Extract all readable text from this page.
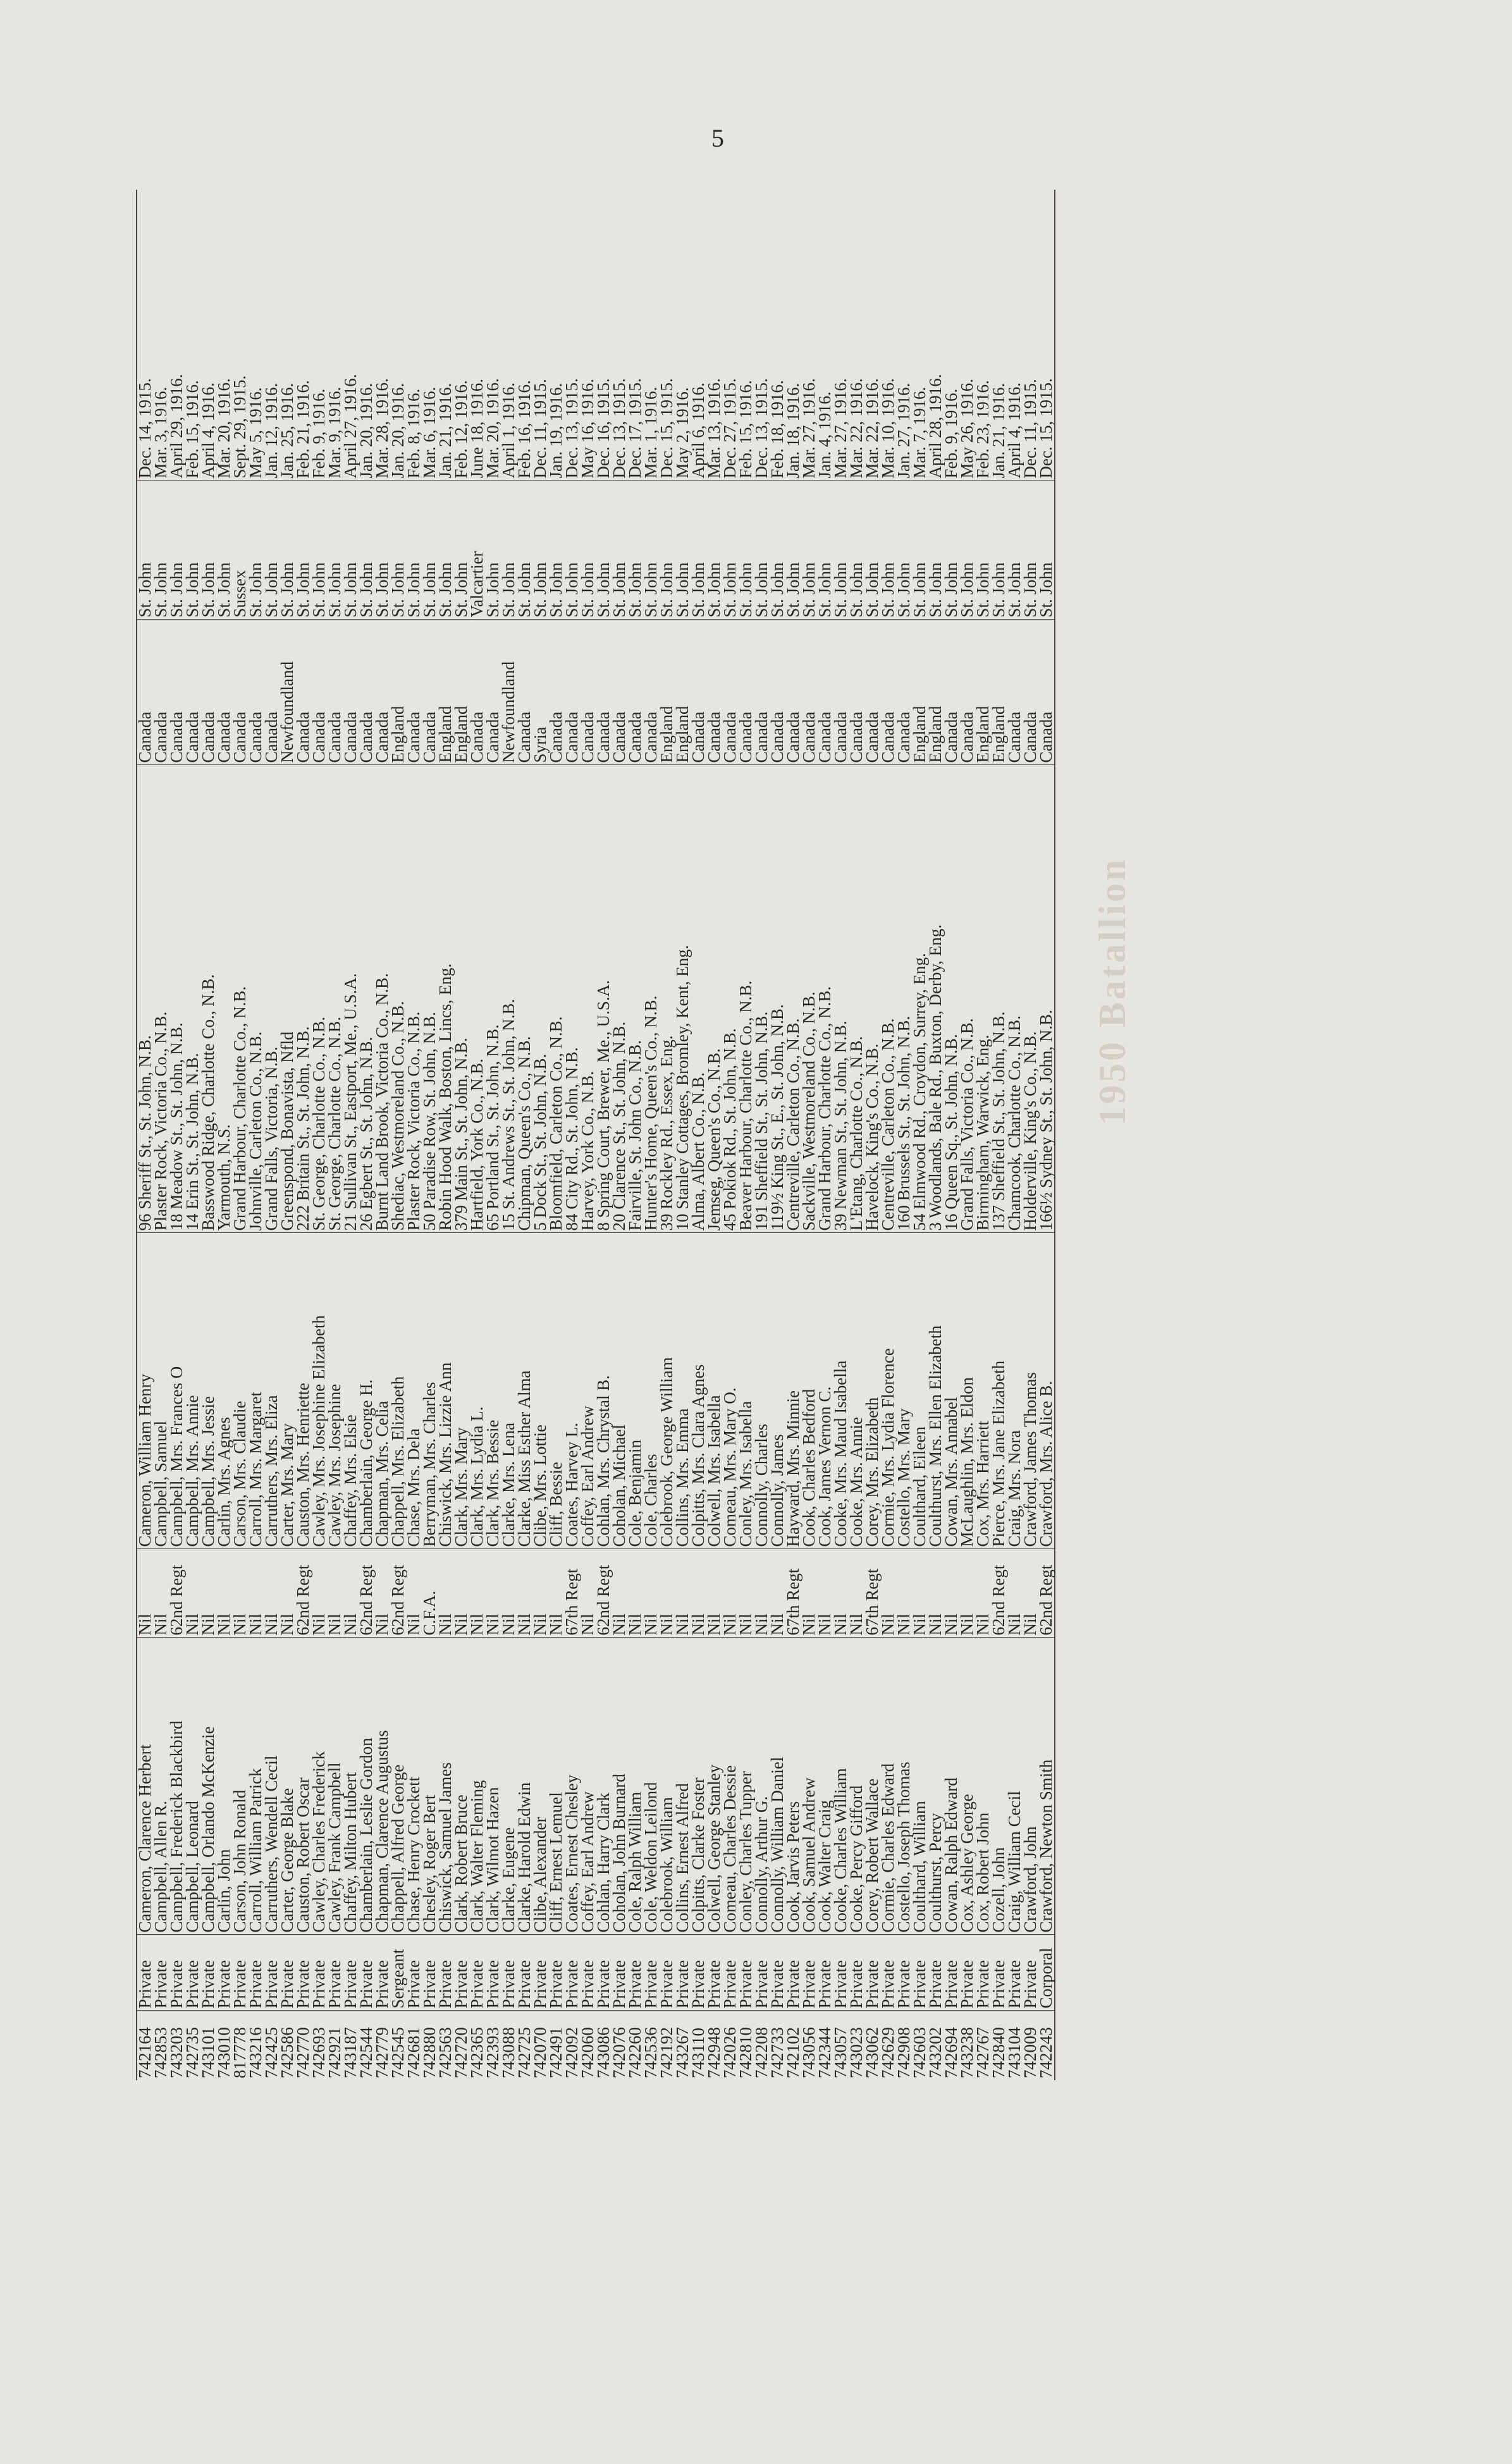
5
742164	Private	Cameron, Clarence Herbert	Nil	Cameron, William Henry	96 Sheriff St., St. John, N.B.	Canada	St. John	Dec. 14, 1915.
742853	Private	Campbell, Allen R.	Nil	Campbell, Samuel	Plaster Rock, Victoria Co., N.B.	Canada	St. John	Mar. 3, 1916.
743203	Private	Campbell, Frederick Blackbird	62nd Regt	Campbell, Mrs. Frances O	18 Meadow St., St. John, N.B.	Canada	St. John	April 29, 1916.
742735	Private	Campbell, Leonard	Nil	Campbell, Mrs. Annie	14 Erin St., St. John, N.B.	Canada	St. John	Feb. 15, 1916.
743101	Private	Campbell, Orlando McKenzie	Nil	Campbell, Mrs. Jessie	Basswood Ridge, Charlotte Co., N.B.	Canada	St. John	April 4, 1916.
743010	Private	Carlin, John	Nil	Carlin, Mrs. Agnes	Yarmouth, N.S.	Canada	St. John	Mar. 20, 1916.
817778	Private	Carson, John Ronald	Nil	Carson, Mrs. Claudie	Grand Harbour, Charlotte Co., N.B.	Canada	Sussex	Sept. 29, 1915.
743216	Private	Carroll, William Patrick	Nil	Carroll, Mrs. Margaret	Johnville, Carleton Co., N.B.	Canada	St. John	May 5, 1916.
742425	Private	Carruthers, Wendell Cecil	Nil	Carruthers, Mrs. Eliza	Grand Falls, Victoria, N.B.	Canada	St. John	Jan. 12, 1916.
742586	Private	Carter, George Blake	Nil	Carter, Mrs. Mary	Greenspond, Bonavista, Nfld	Newfoundland	St. John	Jan. 25, 1916.
742770	Private	Causton, Robert Oscar	62nd Regt	Causton, Mrs. Henriette	222 Britain St., St. John, N.B.	Canada	St. John	Feb. 21, 1916.
742693	Private	Cawley, Charles Frederick	Nil	Cawley, Mrs. Josephine Elizabeth	St. George, Charlotte Co., N.B.	Canada	St. John	Feb. 9, 1916.
742921	Private	Cawley, Frank Campbell	Nil	Cawley, Mrs. Josephine	St. George, Charlotte Co., N.B.	Canada	St. John	Mar. 9, 1916.
743187	Private	Chaffey, Milton Hubert	Nil	Chaffey, Mrs. Elsie	21 Sullivan St., Eastport, Me., U.S.A.	Canada	St. John	April 27, 1916.
742544	Private	Chamberlain, Leslie Gordon	62nd Regt	Chamberlain, George H.	26 Egbert St., St. John, N.B.	Canada	St. John	Jan. 20, 1916.
742779	Private	Chapman, Clarence Augustus	Nil	Chapman, Mrs. Celia	Burnt Land Brook, Victoria Co., N.B.	Canada	St. John	Mar. 28, 1916.
742545	Sergeant	Chappell, Alfred George	62nd Regt	Chappell, Mrs. Elizabeth	Shediac, Westmoreland Co., N.B.	England	St. John	Jan. 20, 1916.
742681	Private	Chase, Henry Crockett	Nil	Chase, Mrs. Dela	Plaster Rock, Victoria Co., N.B.	Canada	St. John	Feb. 8, 1916.
742880	Private	Chesley, Roger Bert	C.F.A.	Berryman, Mrs. Charles	50 Paradise Row, St. John, N.B.	Canada	St. John	Mar. 6, 1916.
742563	Private	Chiswick, Samuel James	Nil	Chiswick, Mrs. Lizzie Ann	Robin Hood Walk, Boston, Lincs, Eng.	England	St. John	Jan. 21, 1916.
742720	Private	Clark, Robert Bruce	Nil	Clark, Mrs. Mary	379 Main St., St. John, N.B.	England	St. John	Feb. 12, 1916.
742365	Private	Clark, Walter Fleming	Nil	Clark, Mrs. Lydia L.	Hartfield, York Co., N.B.	Canada	Valcartier	June 18, 1916.
742393	Private	Clark, Wilmot Hazen	Nil	Clark, Mrs. Bessie	65 Portland St., St. John, N.B.	Canada	St. John	Mar. 20, 1916.
743088	Private	Clarke, Eugene	Nil	Clarke, Mrs. Lena	15 St. Andrews St., St. John, N.B.	Newfoundland	St. John	April 1, 1916.
742725	Private	Clarke, Harold Edwin	Nil	Clarke, Miss Esther Alma	Chipman, Queen's Co., N.B.	Canada	St. John	Feb. 16, 1916.
742070	Private	Clibe, Alexander	Nil	Clibe, Mrs. Lottie	5 Dock St., St. John, N.B.	Syria	St. John	Dec. 11, 1915.
742491	Private	Cliff, Ernest Lemuel	Nil	Cliff, Bessie	Bloomfield, Carleton Co., N.B.	Canada	St. John	Jan. 19, 1916.
742092	Private	Coates, Ernest Chesley	67th Regt	Coates, Harvey L.	84 City Rd., St. John, N.B.	Canada	St. John	Dec. 13, 1915.
742060	Private	Coffey, Earl Andrew	Nil	Coffey, Earl Andrew	Harvey, York Co., N.B.	Canada	St. John	May 16, 1916.
743086	Private	Cohlan, Harry Clark	62nd Regt	Cohlan, Mrs. Chrystal B.	8 Spring Court, Brewer, Me., U.S.A.	Canada	St. John	Dec. 16, 1915.
742076	Private	Coholan, John Burnard	Nil	Coholan, Michael	20 Clarence St., St. John, N.B.	Canada	St. John	Dec. 13, 1915.
742260	Private	Cole, Ralph William	Nil	Cole, Benjamin	Fairville, St. John Co., N.B.	Canada	St. John	Dec. 17, 1915.
742536	Private	Cole, Weldon Leilond	Nil	Cole, Charles	Hunter's Home, Queen's Co., N.B.	Canada	St. John	Mar. 1, 1916.
742192	Private	Colebrook, William	Nil	Colebrook, George William	39 Rockley Rd., Essex, Eng.	England	St. John	Dec. 15, 1915.
743267	Private	Collins, Ernest Alfred	Nil	Collins, Mrs. Emma	10 Stanley Cottages, Bromley, Kent, Eng.	England	St. John	May 2, 1916.
743110	Private	Colpitts, Clarke Foster	Nil	Colpitts, Mrs. Clara Agnes	Alma, Albert Co., N.B.	Canada	St. John	April 6, 1916.
742948	Private	Colwell, George Stanley	Nil	Colwell, Mrs. Isabella	Jemseg, Queen's Co., N.B.	Canada	St. John	Mar. 13, 1916.
742026	Private	Comeau, Charles Dessie	Nil	Comeau, Mrs. Mary O.	45 Pokiok Rd., St. John, N.B.	Canada	St. John	Dec. 27, 1915.
742810	Private	Conley, Charles Tupper	Nil	Conley, Mrs. Isabella	Beaver Harbour, Charlotte Co., N.B.	Canada	St. John	Feb. 15, 1916.
742208	Private	Connolly, Arthur G.	Nil	Connolly, Charles	191 Sheffield St., St. John, N.B.	Canada	St. John	Dec. 13, 1915.
742733	Private	Connolly, William Daniel	Nil	Connolly, James	119½ King St., E., St. John, N.B.	Canada	St. John	Feb. 18, 1916.
742102	Private	Cook, Jarvis Peters	67th Regt	Hayward, Mrs. Minnie	Centreville, Carleton Co., N.B.	Canada	St. John	Jan. 18, 1916.
743056	Private	Cook, Samuel Andrew	Nil	Cook, Charles Bedford	Sackville, Westmoreland Co., N.B.	Canada	St. John	Mar. 27, 1916.
742344	Private	Cook, Walter Craig	Nil	Cook, James Vernon C.	Grand Harbour, Charlotte Co., N.B.	Canada	St. John	Jan. 4, 1916.
743057	Private	Cooke, Charles William	Nil	Cooke, Mrs. Maud Isabella	39 Newman St., St. John, N.B.	Canada	St. John	Mar. 27, 1916.
743023	Private	Cooke, Percy Gifford	Nil	Cooke, Mrs. Annie	L'Etang, Charlotte Co., N.B.	Canada	St. John	Mar. 22, 1916.
743062	Private	Corey, Robert Wallace	67th Regt	Corey, Mrs. Elizabeth	Havelock, King's Co., N.B.	Canada	St. John	Mar. 22, 1916.
742629	Private	Cormie, Charles Edward	Nil	Cormie, Mrs. Lydia Florence	Centreville, Carleton Co., N.B.	Canada	St. John	Mar. 10, 1916.
742908	Private	Costello, Joseph Thomas	Nil	Costello, Mrs. Mary	160 Brussels St., St. John, N.B.	Canada	St. John	Jan. 27, 1916.
742603	Private	Coulthard, William	Nil	Coulthard, Eileen	54 Elmwood Rd., Croydon, Surrey, Eng.	England	St. John	Mar. 7, 1916.
743202	Private	Coulthurst, Percy	Nil	Coulthurst, Mrs. Ellen Elizabeth	3 Woodlands, Bale Rd., Buxton, Derby, Eng.	England	St. John	April 28, 1916.
742694	Private	Cowan, Ralph Edward	Nil	Cowan, Mrs. Annabel	16 Queen Sq., St. John, N.B.	Canada	St. John	Feb. 9, 1916.
743238	Private	Cox, Ashley George	Nil	McLaughlin, Mrs. Eldon	Grand Falls, Victoria Co., N.B.	Canada	St. John	May 26, 1916.
742767	Private	Cox, Robert John	Nil	Cox, Mrs. Harriett	Birmingham, Warwick, Eng.	England	St. John	Feb. 23, 1916.
742840	Private	Cozell, John	62nd Regt	Pierce, Mrs. Jane Elizabeth	137 Sheffield St., St. John, N.B.	England	St. John	Jan. 21, 1916.
743104	Private	Craig, William Cecil	Nil	Craig, Mrs. Nora	Chamcook, Charlotte Co., N.B.	Canada	St. John	April 4, 1916.
742009	Private	Crawford, John	Nil	Crawford, James Thomas	Holderville, King's Co., N.B.	Canada	St. John	Dec. 11, 1915.
742243	Corporal	Crawford, Newton Smith	62nd Regt	Crawford, Mrs. Alice B.	166½ Sydney St., St. John, N.B.	Canada	St. John	Dec. 15, 1915.
1950 Batallion
